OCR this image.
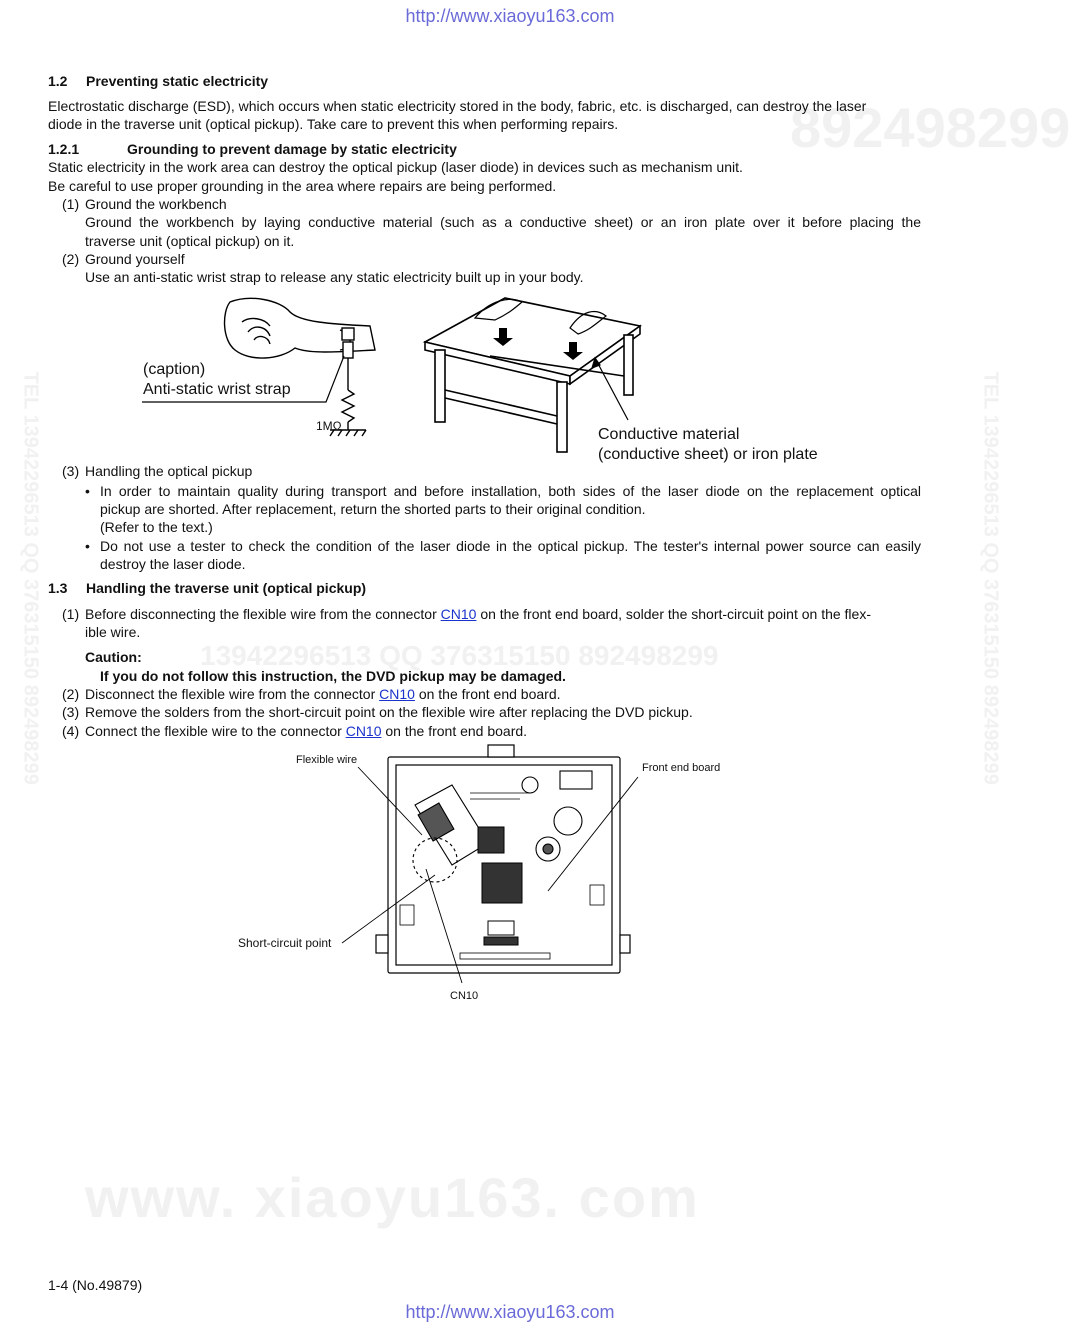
www. xiaoyu163. com
892498299
13942296513 QQ 376315150 892498299
TEL 13942296513 QQ 376315150 892498299	TEL 13942296513 QQ 376315150 892498299
http://www.xiaoyu163.com
1.2 Preventing static electricity
Electrostatic discharge (ESD), which occurs when static electricity stored in the body, fabric, etc. is discharged, can destroy the laser
diode in the traverse unit (optical pickup). Take care to prevent this when performing repairs.
1.2.1	Grounding to prevent damage by static electricity
Static electricity in the work area can destroy the optical pickup (laser diode) in devices such as mechanism unit.
Be careful to use proper grounding in the area where repairs are being performed.
(1) Ground the workbench
Ground the workbench by laying conductive material (such as a conductive sheet) or an iron plate over it before placing the
traverse unit (optical pickup) on it.
(2) Ground yourself
Use an anti-static wrist strap to release any static electricity built up in your body.
(caption)
Anti-static wrist strap
1MΩ	Conductive material
(conductive sheet) or iron plate
(3) Handling the optical pickup
• In order to maintain quality during transport and before installation, both sides of the laser diode on the replacement optical
pickup are shorted. After replacement, return the shorted parts to their original condition.
(Refer to the text.)
• Do not use a tester to check the condition of the laser diode in the optical pickup. The tester's internal power source can easily
destroy the laser diode.
1.3 Handling the traverse unit (optical pickup)
(1) Before disconnecting the flexible wire from the connector CN10 on the front end board, solder the short-circuit point on the flex-
ible wire.
Caution:
If you do not follow this instruction, the DVD pickup may be damaged.
(2) Disconnect the flexible wire from the connector CN10 on the front end board.
(3) Remove the solders from the short-circuit point on the flexible wire after replacing the DVD pickup.
(4) Connect the flexible wire to the connector CN10 on the front end board.
Flexible wire
Front end board
Short-circuit point
CN10
1-4 (No.49879)
http://www.xiaoyu163.com
